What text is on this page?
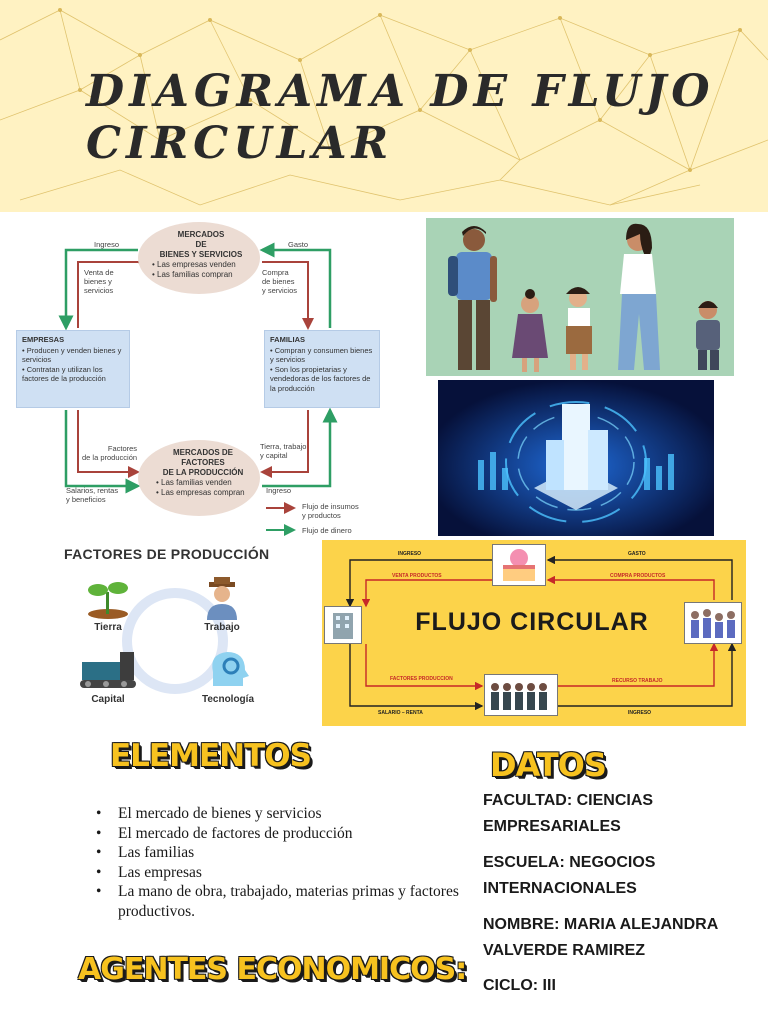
DIAGRAMA DE FLUJO
CIRCULAR
MERCADOS
DE
BIENES Y SERVICIOS
• Las empresas venden
• Las familias compran
MERCADOS DE
FACTORES
DE LA PRODUCCIÓN
• Las familias venden
• Las empresas compran
EMPRESAS
• Producen y venden bienes y servicios
• Contratan y utilizan los factores de la producción
FAMILIAS
• Compran y consumen bienes y servicios
• Son los propietarias y vendedoras de los factores de la producción
Ingreso	Gasto
Venta de
bienes y
servicios
Compra
de bienes
y servicios
Factores
de la producción
Tierra, trabajo
y capital
Salarios, rentas
y beneficios
Ingreso
Flujo de insumos
y productos
Flujo de dinero
FACTORES DE PRODUCCIÓN
Tierra	Trabajo
Capital	Tecnología
FLUJO CIRCULAR
INGRESO	GASTO
VENTA PRODUCTOS	COMPRA PRODUCTOS
FACTORES PRODUCCION	RECURSO TRABAJO
SALARIO – RENTA	INGRESO
ELEMENTOS
• El mercado de bienes y servicios
• El mercado de factores de producción
• Las familias
• Las empresas
• La mano de obra, trabajado, materias primas y factores productivos.
DATOS
FACULTAD: CIENCIAS EMPRESARIALES
ESCUELA: NEGOCIOS INTERNACIONALES
NOMBRE: MARIA ALEJANDRA VALVERDE RAMIREZ
CICLO: III
AGENTES ECONOMICOS:
